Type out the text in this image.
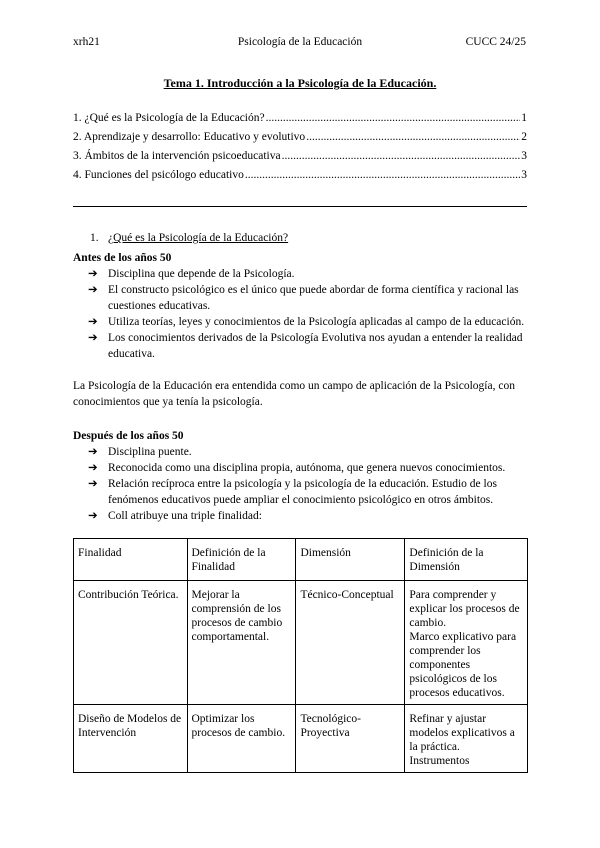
xrh21	Psicología de la Educación	CUCC 24/25
Tema 1. Introducción a la Psicología de la Educación.
1. ¿Qué es la Psicología de la Educación? .....	1
2. Aprendizaje y desarrollo: Educativo y evolutivo .....	2
3. Ámbitos de la intervención psicoeducativa .....	3
4. Funciones del psicólogo educativo .....	3
1. ¿Qué es la Psicología de la Educación?
Antes de los años 50
➔ Disciplina que depende de la Psicología.
➔ El constructo psicológico es el único que puede abordar de forma científica y racional las cuestiones educativas.
➔ Utiliza teorías, leyes y conocimientos de la Psicología aplicadas al campo de la educación.
➔ Los conocimientos derivados de la Psicología Evolutiva nos ayudan a entender la realidad educativa.
La Psicología de la Educación era entendida como un campo de aplicación de la Psicología, con conocimientos que ya tenía la psicología.
Después de los años 50
➔ Disciplina puente.
➔ Reconocida como una disciplina propia, autónoma, que genera nuevos conocimientos.
➔ Relación recíproca entre la psicología y la psicología de la educación. Estudio de los fenómenos educativos puede ampliar el conocimiento psicológico en otros ámbitos.
➔ Coll atribuye una triple finalidad:
Finalidad	Definición de la Finalidad	Dimensión	Definición de la Dimensión
Contribución Teórica.	Mejorar la comprensión de los procesos de cambio comportamental.	Técnico-Conceptual	Para comprender y explicar los procesos de cambio.
Marco explicativo para comprender los componentes psicológicos de los procesos educativos.
Diseño de Modelos de Intervención	Optimizar los procesos de cambio.	Tecnológico-Proyectiva	Refinar y ajustar modelos explicativos a la práctica.
Instrumentos
